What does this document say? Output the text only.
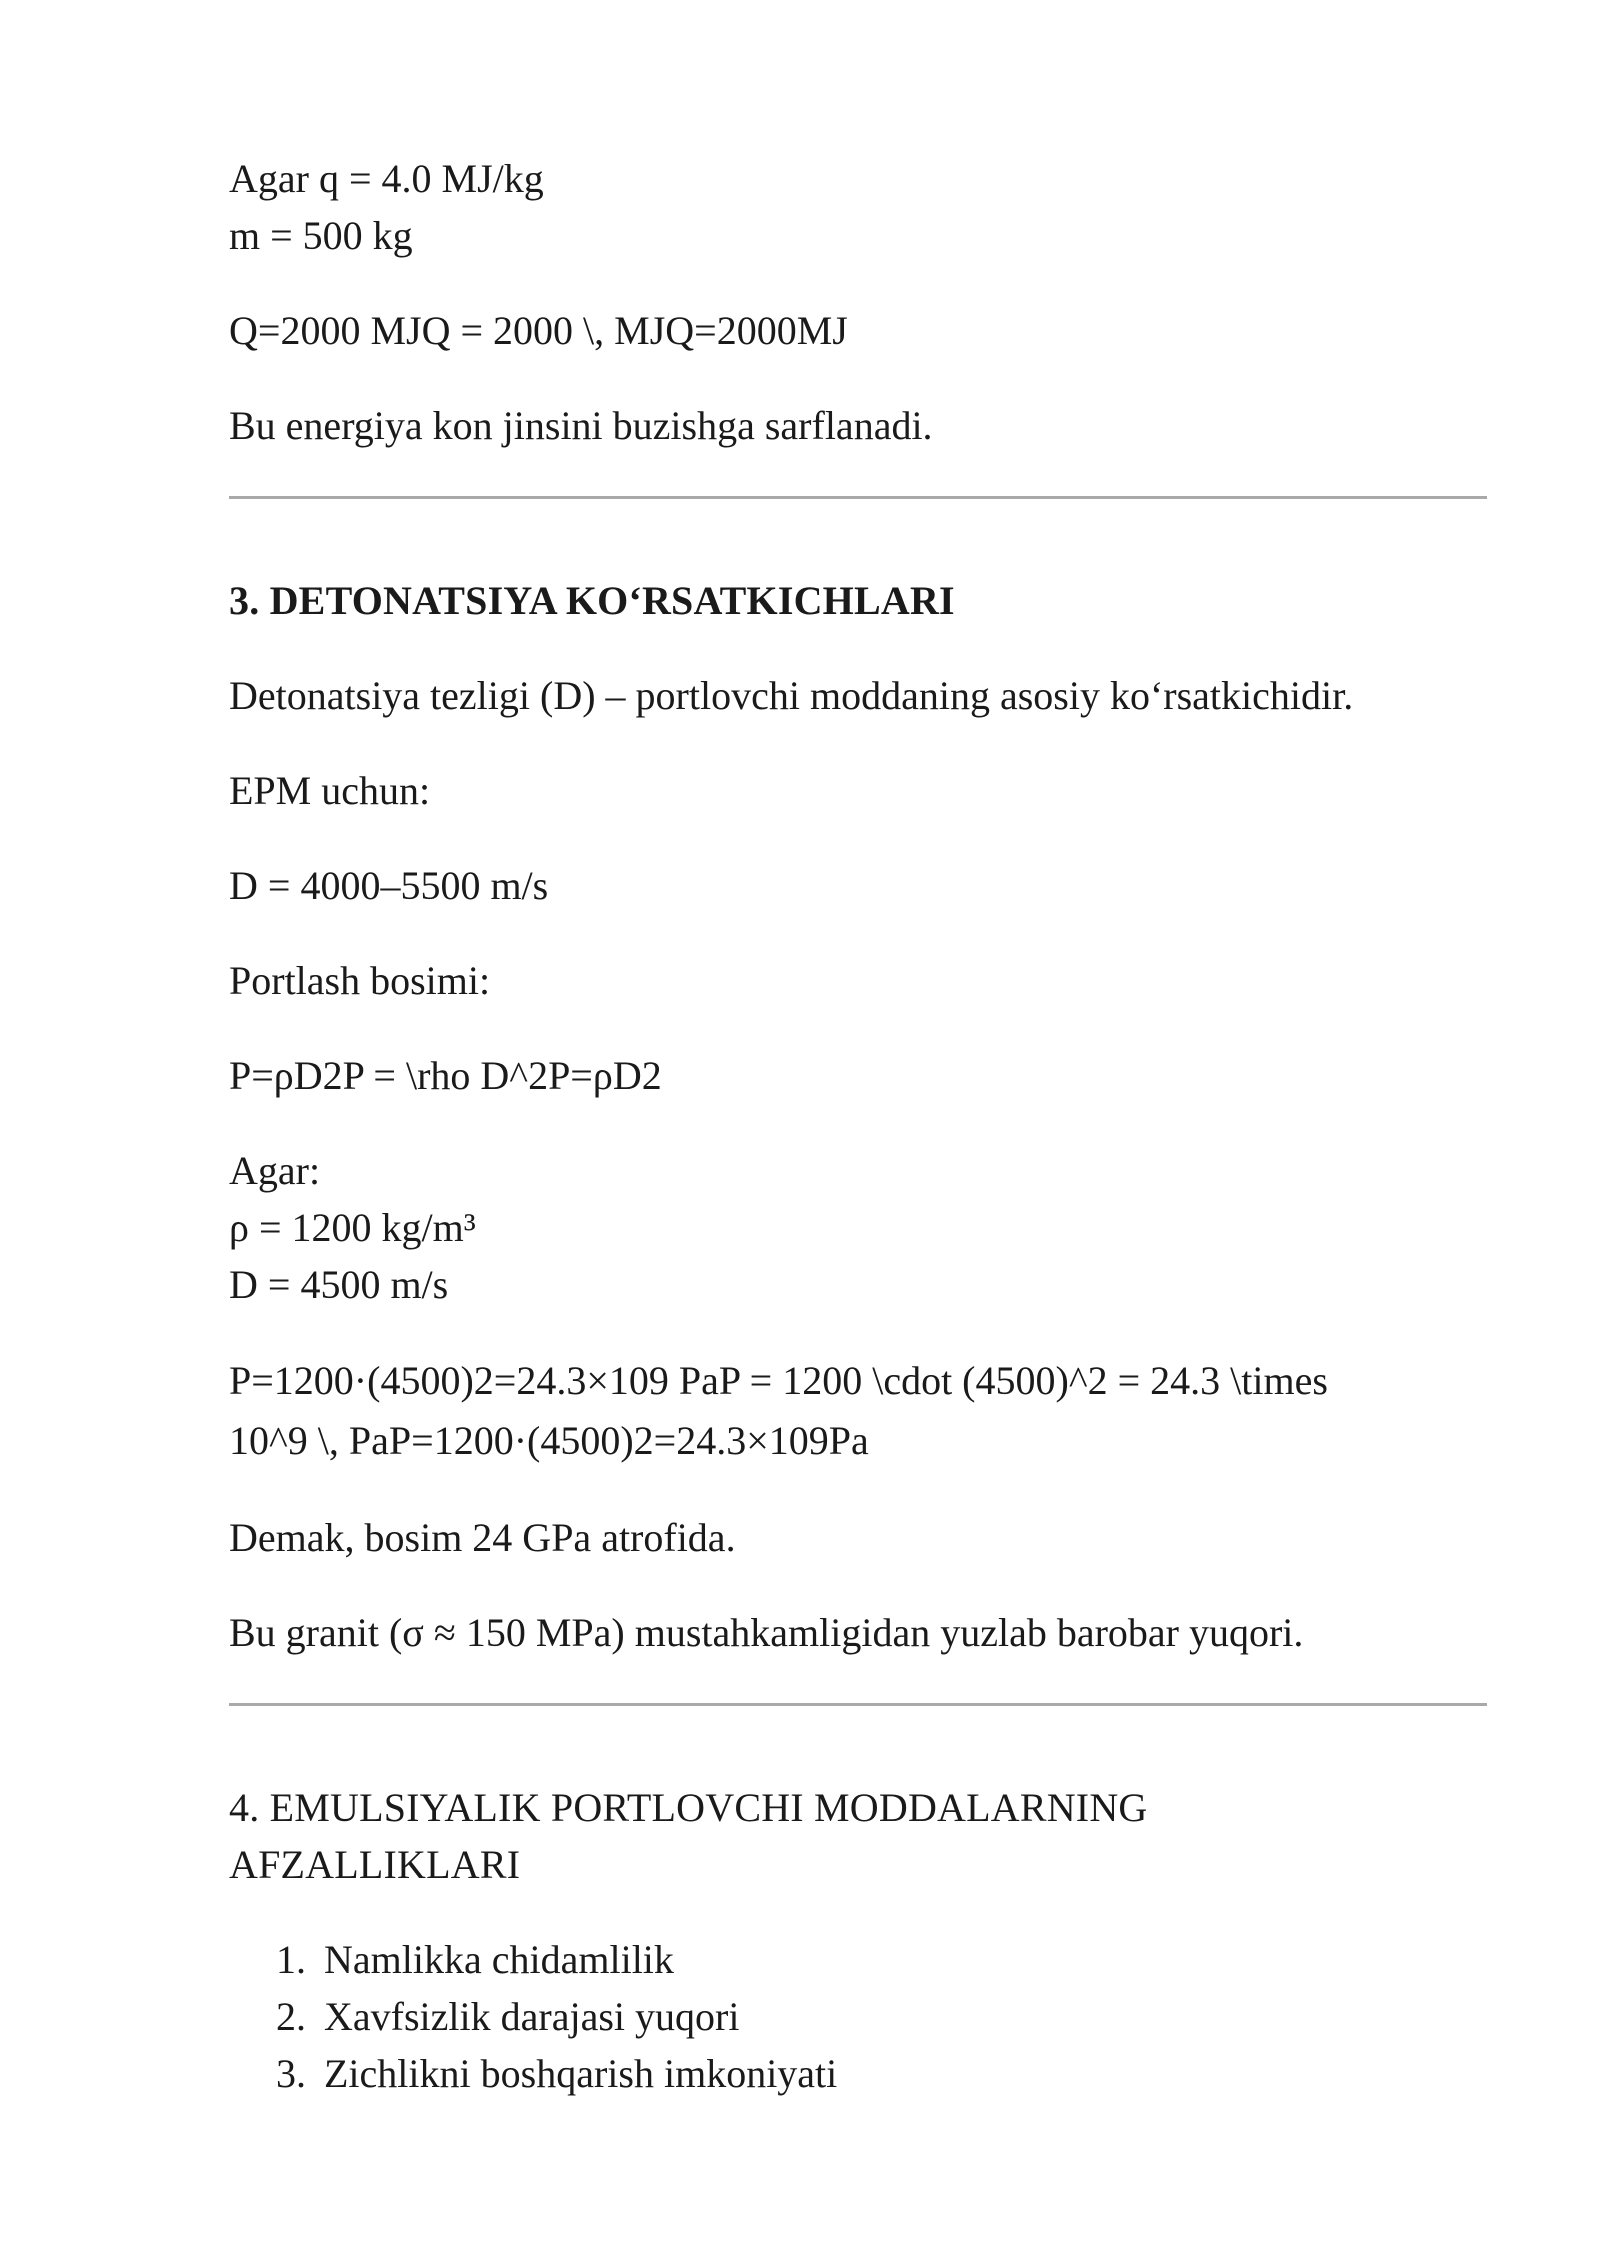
Agar q = 4.0 MJ/kg

m = 500 kg

Q=2000 MJQ = 2000 \, MJQ=2000MJ

Bu energiya kon jinsini buzishga sarflanadi.

3. DETONATSIYA KO‘RSATKICHLARI

Detonatsiya tezligi (D) – portlovchi moddaning asosiy ko‘rsatkichidir.

EPM uchun:

D = 4000–5500 m/s

Portlash bosimi:

P=ρD2P = \rho D^2P=ρD2

Agar:

ρ = 1200 kg/m³

D = 4500 m/s

P=1200·(4500)2=24.3×109 PaP = 1200 \cdot (4500)^2 = 24.3 \times

10^9 \, PaP=1200·(4500)2=24.3×109Pa

Demak, bosim 24 GPa atrofida.

Bu granit (σ ≈ 150 MPa) mustahkamligidan yuzlab barobar yuqori.

4. EMULSIYALIK PORTLOVCHI MODDALARNING

AFZALLIKLARI

1. Namlikka chidamlilik
2. Xavfsizlik darajasi yuqori
3. Zichlikni boshqarish imkoniyati
